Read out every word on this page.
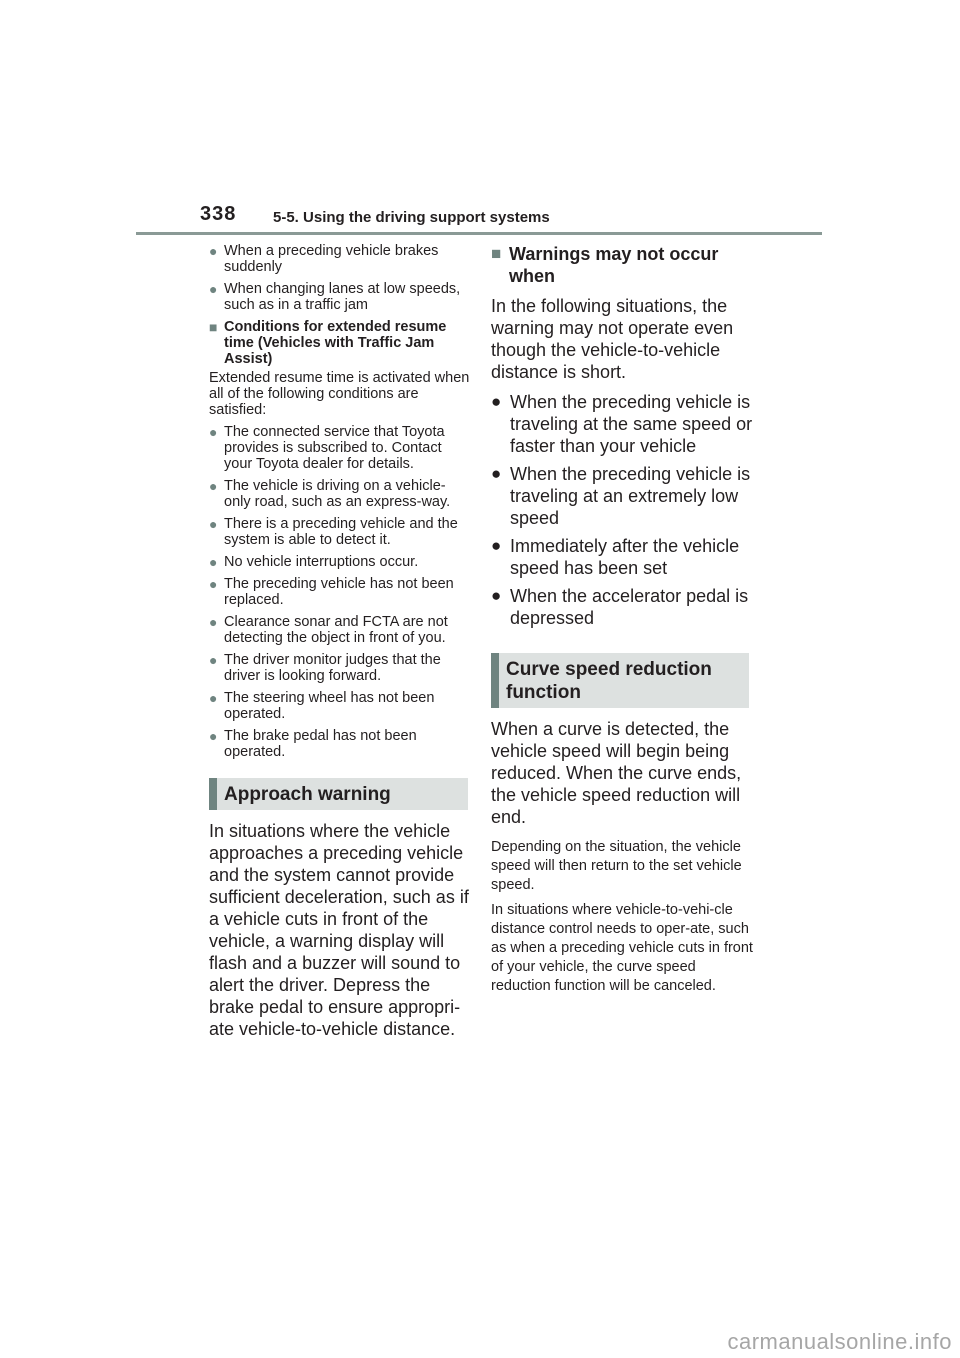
338 5-5. Using the driving support systems
● When a preceding vehicle brakes suddenly
● When changing lanes at low speeds, such as in a traffic jam
■ Conditions for extended resume time (Vehicles with Traffic Jam Assist)
Extended resume time is activated when all of the following conditions are satisfied:
● The connected service that Toyota provides is subscribed to. Contact your Toyota dealer for details.
● The vehicle is driving on a vehicle-only road, such as an express-way.
● There is a preceding vehicle and the system is able to detect it.
● No vehicle interruptions occur.
● The preceding vehicle has not been replaced.
● Clearance sonar and FCTA are not detecting the object in front of you.
● The driver monitor judges that the driver is looking forward.
● The steering wheel has not been operated.
● The brake pedal has not been operated.
Approach warning
In situations where the vehicle approaches a preceding vehicle and the system cannot provide sufficient deceleration, such as if a vehicle cuts in front of the vehicle, a warning display will flash and a buzzer will sound to alert the driver. Depress the brake pedal to ensure appropri-ate vehicle-to-vehicle distance.
■ Warnings may not occur when
In the following situations, the warning may not operate even though the vehicle-to-vehicle distance is short.
● When the preceding vehicle is traveling at the same speed or faster than your vehicle
● When the preceding vehicle is traveling at an extremely low speed
● Immediately after the vehicle speed has been set
● When the accelerator pedal is depressed
Curve speed reduction function
When a curve is detected, the vehicle speed will begin being reduced. When the curve ends, the vehicle speed reduction will end.
Depending on the situation, the vehicle speed will then return to the set vehicle speed.
In situations where vehicle-to-vehi-cle distance control needs to oper-ate, such as when a preceding vehicle cuts in front of your vehicle, the curve speed reduction function will be canceled.
carmanualsonline.info
